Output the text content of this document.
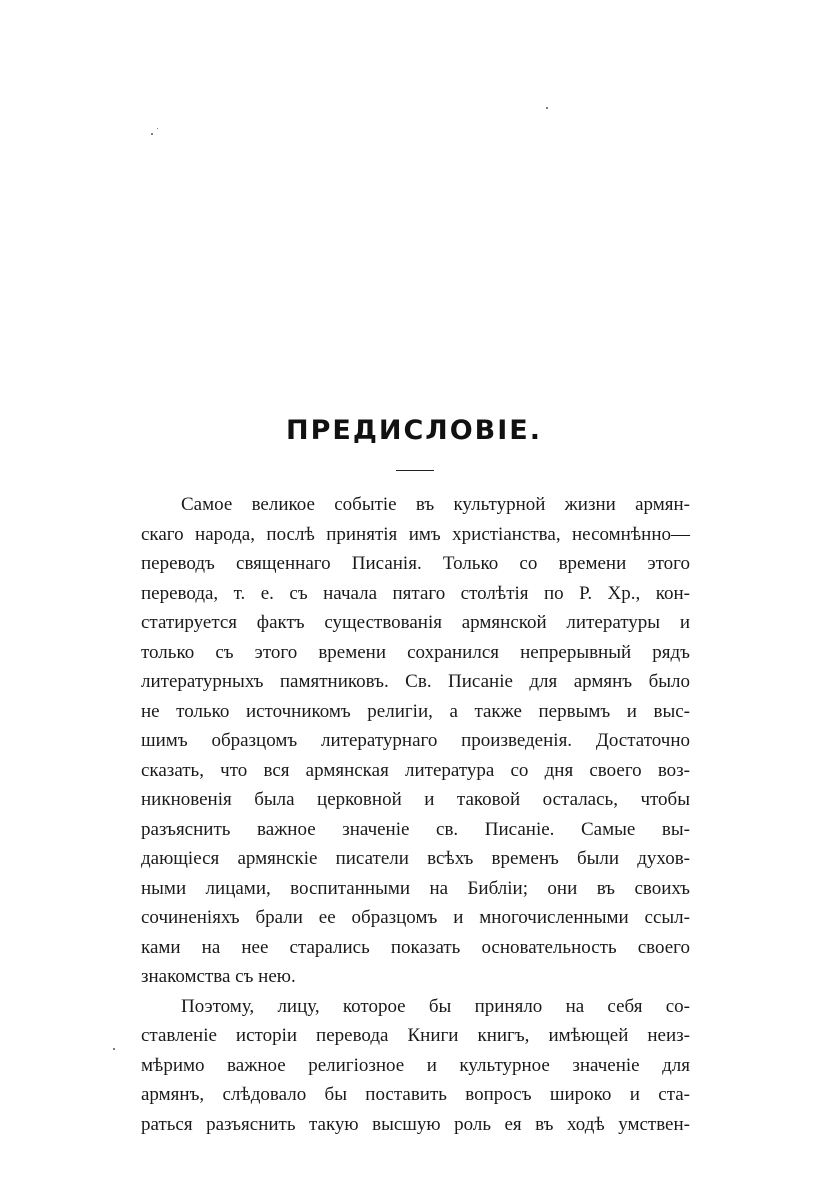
ПРЕДИСЛОВІЕ.
Самое великое событіе въ культурной жизни армян-
скаго народа, послѣ принятія имъ христіанства, несомнѣнно—
переводъ священнаго Писанія. Только со времени этого
перевода, т. е. съ начала пятаго столѣтія по Р. Хр., кон-
статируется фактъ существованія армянской литературы и
только съ этого времени сохранился непрерывный рядъ
литературныхъ памятниковъ. Св. Писаніе для армянъ было
не только источникомъ религіи, а также первымъ и выс-
шимъ образцомъ литературнаго произведенія. Достаточно
сказать, что вся армянская литература со дня своего воз-
никновенія была церковной и таковой осталась, чтобы
разъяснить важное значеніе св. Писаніе. Самые вы-
дающіеся армянскіе писатели всѣхъ временъ были духов-
ными лицами, воспитанными на Библіи; они въ своихъ
сочиненіяхъ брали ее образцомъ и многочисленными ссыл-
ками на нее старались показать основательность своего
знакомства съ нею.
Поэтому, лицу, которое бы приняло на себя со-
ставленіе исторіи перевода Книги книгъ, имѣющей неиз-
мѣримо важное религіозное и культурное значеніе для
армянъ, слѣдовало бы поставить вопросъ широко и ста-
раться разъяснить такую высшую роль ея въ ходѣ умствен-
